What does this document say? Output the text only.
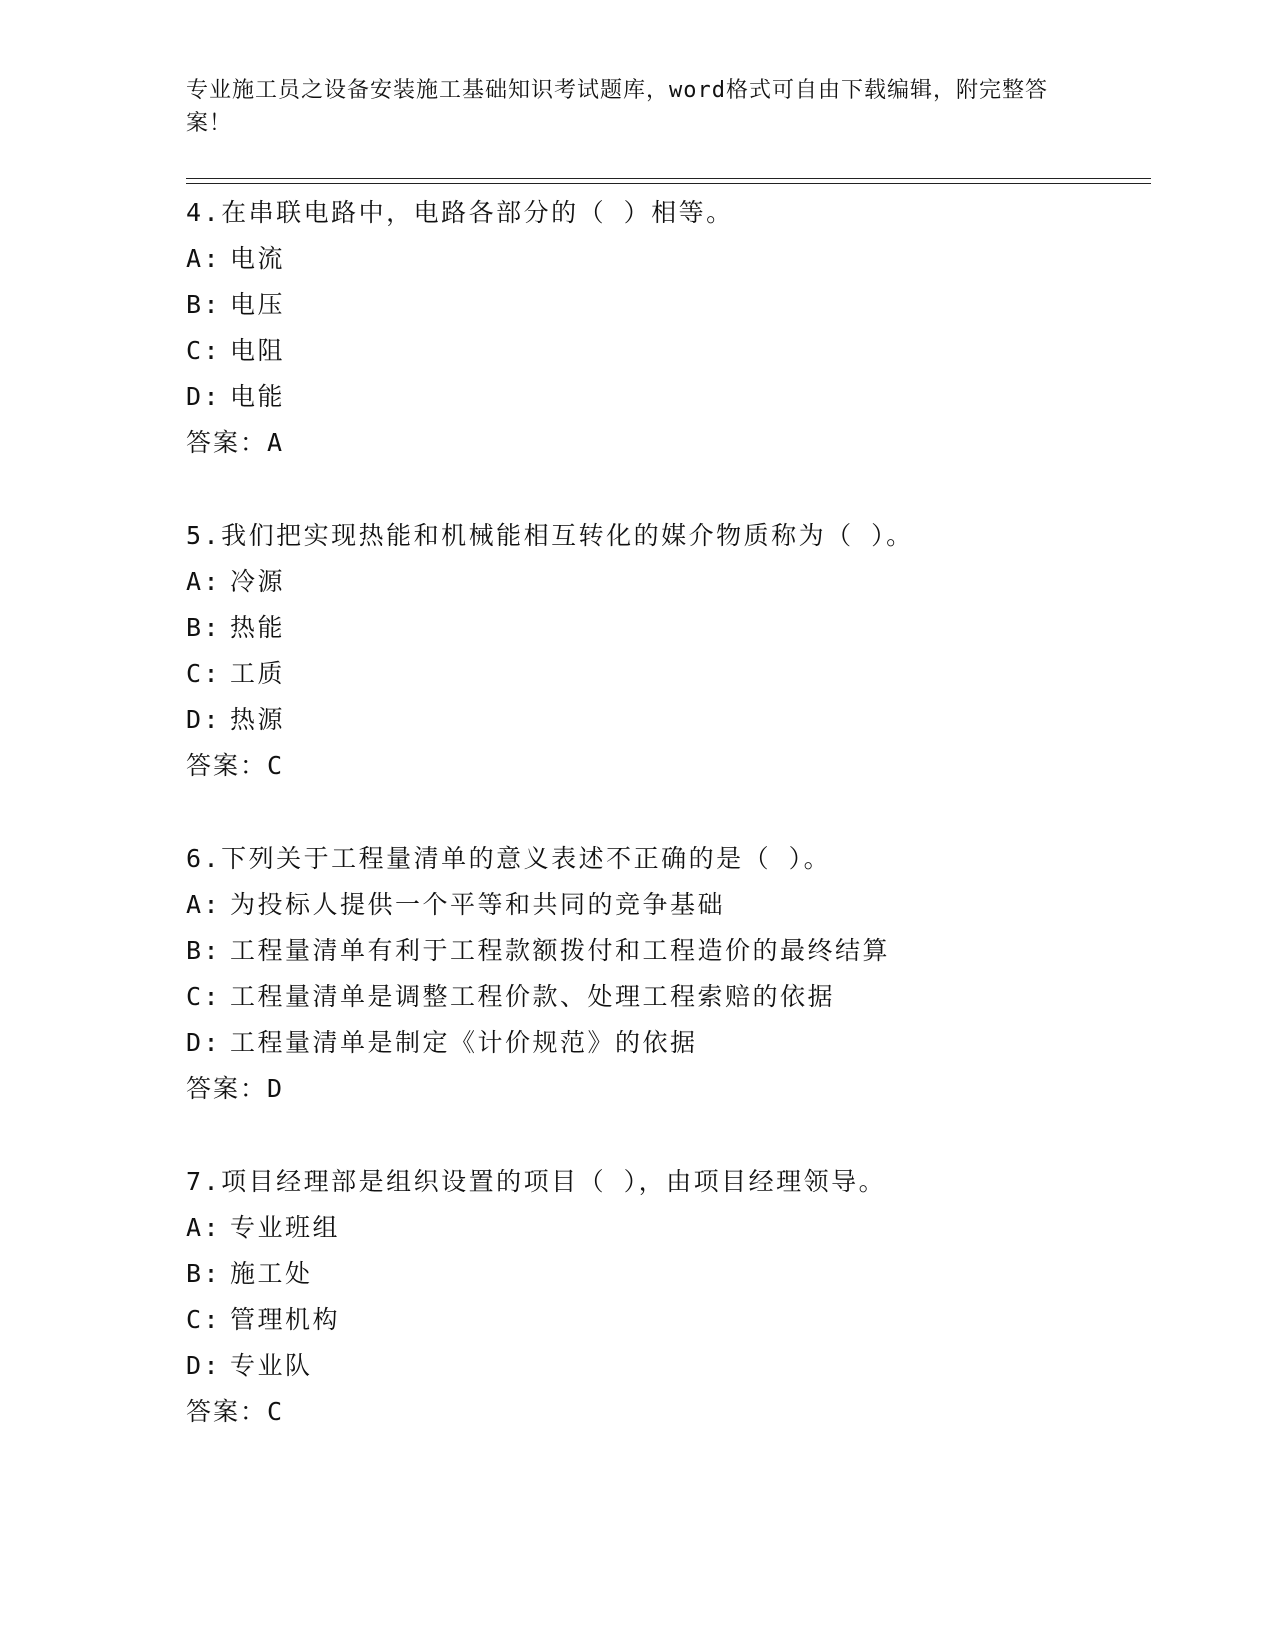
专业施工员之设备安装施工基础知识考试题库，word格式可自由下载编辑，附完整答案！
4.在串联电路中，电路各部分的（ ）相等。
A: 电流
B: 电压
C: 电阻
D: 电能
答案：A
5.我们把实现热能和机械能相互转化的媒介物质称为（ ）。
A: 冷源
B: 热能
C: 工质
D: 热源
答案：C
6.下列关于工程量清单的意义表述不正确的是（ ）。
A: 为投标人提供一个平等和共同的竞争基础
B: 工程量清单有利于工程款额拨付和工程造价的最终结算
C: 工程量清单是调整工程价款、处理工程索赔的依据
D: 工程量清单是制定《计价规范》的依据
答案：D
7.项目经理部是组织设置的项目（ ），由项目经理领导。
A: 专业班组
B: 施工处
C: 管理机构
D: 专业队
答案：C
